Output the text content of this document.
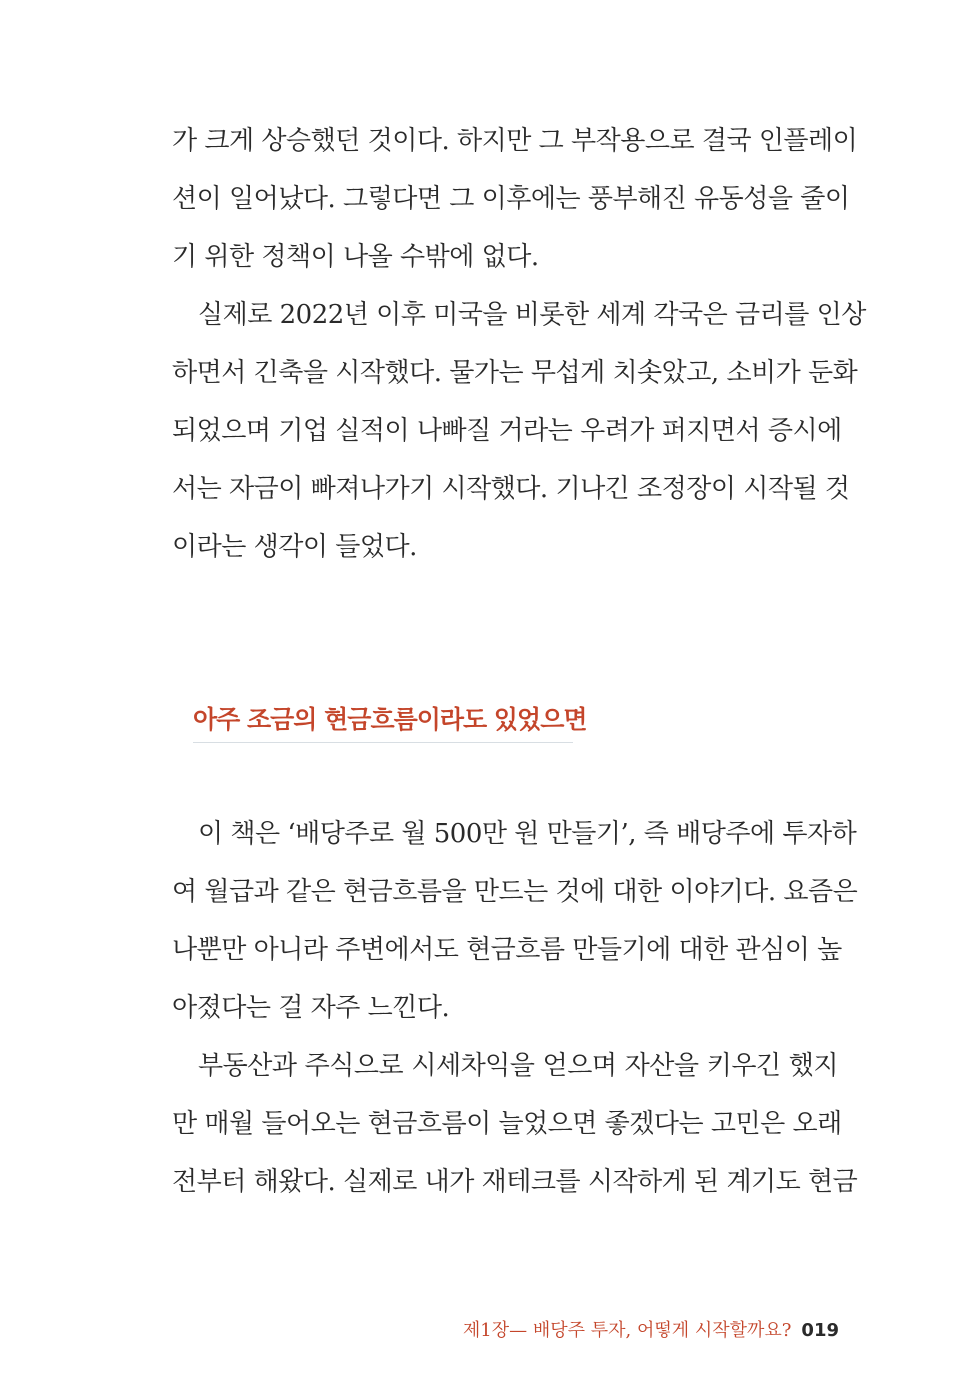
가 크게 상승했던 것이다. 하지만 그 부작용으로 결국 인플레이
션이 일어났다. 그렇다면 그 이후에는 풍부해진 유동성을 줄이
기 위한 정책이 나올 수밖에 없다.
실제로 2022년 이후 미국을 비롯한 세계 각국은 금리를 인상
하면서 긴축을 시작했다. 물가는 무섭게 치솟았고, 소비가 둔화
되었으며 기업 실적이 나빠질 거라는 우려가 퍼지면서 증시에
서는 자금이 빠져나가기 시작했다. 기나긴 조정장이 시작될 것
이라는 생각이 들었다.
아주 조금의 현금흐름이라도 있었으면
이 책은 ‘배당주로 월 500만 원 만들기’, 즉 배당주에 투자하
여 월급과 같은 현금흐름을 만드는 것에 대한 이야기다. 요즘은
나뿐만 아니라 주변에서도 현금흐름 만들기에 대한 관심이 높
아졌다는 걸 자주 느낀다.
부동산과 주식으로 시세차익을 얻으며 자산을 키우긴 했지
만 매월 들어오는 현금흐름이 늘었으면 좋겠다는 고민은 오래
전부터 해왔다. 실제로 내가 재테크를 시작하게 된 계기도 현금
제1장— 배당주 투자, 어떻게 시작할까요? 019
